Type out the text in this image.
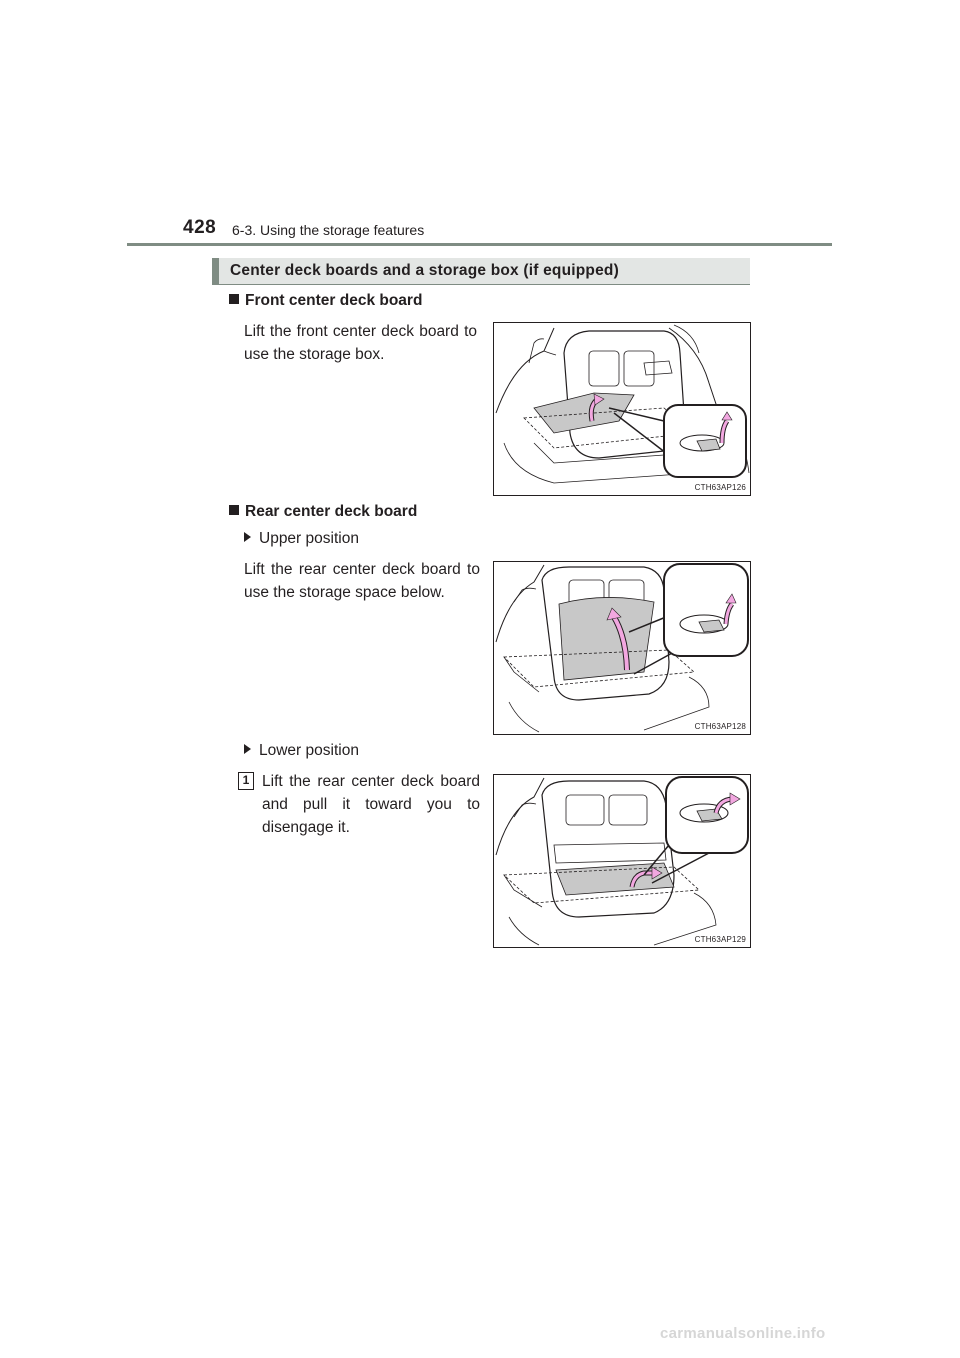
428 6-3. Using the storage features
Center deck boards and a storage box (if equipped)
Front center deck board
Lift the front center deck board to use the storage box.
CTH63AP126
Rear center deck board
Upper position
Lift the rear center deck board to use the storage space below.
CTH63AP128
Lower position
1 Lift the rear center deck board and pull it toward you to disengage it.
CTH63AP129
carmanualsonline.info
